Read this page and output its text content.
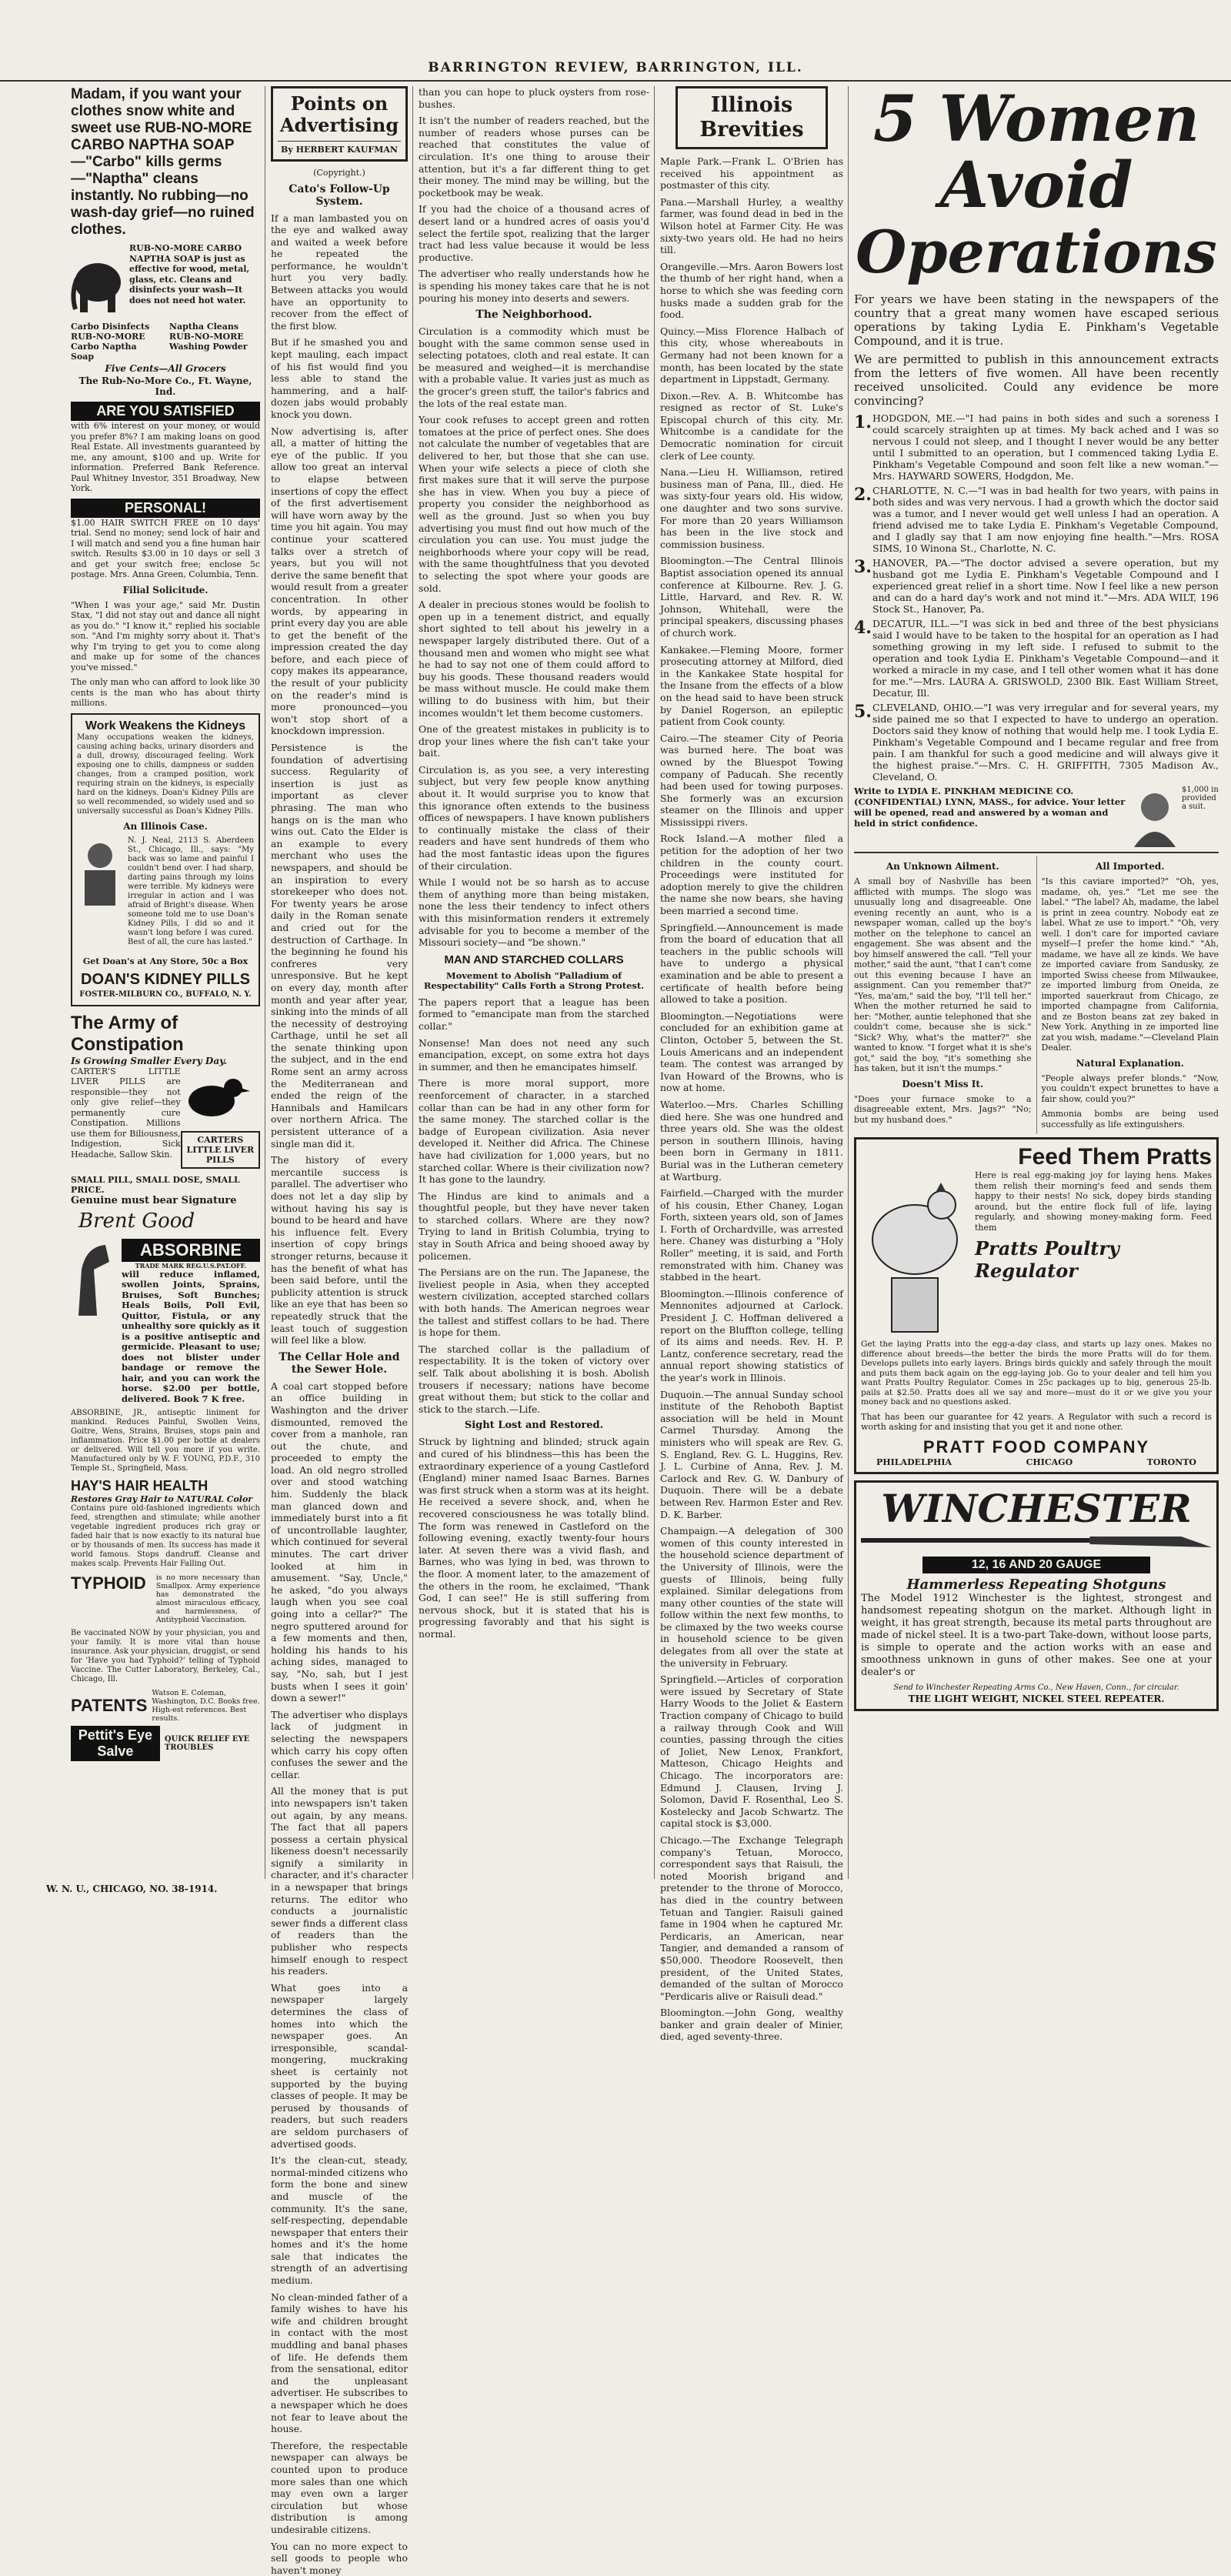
BARRINGTON REVIEW, BARRINGTON, ILL.
Madam, if you want your clothes snow white and sweet use RUB-NO-MORE CARBO NAPTHA SOAP—"Carbo" kills germs—"Naptha" cleans instantly. No rubbing—no wash-day grief—no ruined clothes.
RUB-NO-MORE CARBO NAPTHA SOAP is just as effective for wood, metal, glass, etc. Cleans and disinfects your wash—It does not need hot water.
Carbo Disinfects RUB-NO-MORE Carbo Naptha Soap
Naptha Cleans RUB-NO-MORE Washing Powder
Five Cents—All Grocers
The Rub-No-More Co., Ft. Wayne, Ind.
ARE YOU SATISFIED

with 6% interest on your money, or would you prefer 8%? I am making loans on good Real Estate. All investments guaranteed by me, any amount, $100 and up. Write for information. Preferred Bank Reference. Paul Whitney Investor, 351 Broadway, New York.

PERSONAL!

$1.00 HAIR SWITCH FREE on 10 days' trial. Send no money; send lock of hair and I will match and send you a fine human hair switch. Results $3.00 in 10 days or sell 3 and get your switch free; enclose 5c postage. Mrs. Anna Green, Columbia, Tenn.

Filial Solicitude.

"When I was your age," said Mr. Dustin Stax, "I did not stay out and dance all night as you do." "I know it," replied his sociable son. "And I'm mighty sorry about it. That's why I'm trying to get you to come along and make up for some of the chances you've missed."

The only man who can afford to look like 30 cents is the man who has about thirty millions.

Work Weakens the Kidneys

Many occupations weaken the kidneys, causing aching backs, urinary disorders and a dull, drowsy, discouraged feeling. Work exposing one to chills, dampness or sudden changes, from a cramped position, work requiring strain on the kidneys, is especially hard on the kidneys. Doan's Kidney Pills are so well recommended, so widely used and so universally successful as Doan's Kidney Pills.

An Illinois Case.

N. J. Neal, 2113 S. Aberdeen St., Chicago, Ill., says: "My back was so lame and painful I couldn't bend over. I had sharp, darting pains through my loins were terrible. My kidneys were irregular in action and I was afraid of Bright's disease. When someone told me to use Doan's Kidney Pills, I did so and it wasn't long before I was cured. Best of all, the cure has lasted."

Get Doan's at Any Store, 50c a Box
DOAN'S KIDNEY PILLS
FOSTER-MILBURN CO., BUFFALO, N. Y.
The Army of Constipation
Is Growing Smaller Every Day.

CARTER'S LITTLE LIVER PILLS are responsible—they not only give relief—they permanently cure Constipation. Millions use them for Biliousness, Indigestion, Sick Headache, Sallow Skin.

CARTERS LITTLE LIVER PILLS
SMALL PILL, SMALL DOSE, SMALL PRICE.
Genuine must bear Signature
Brent Good
ABSORBINE
TRADE MARK REG.U.S.PAT.OFF.

will reduce inflamed, swollen Joints, Sprains, Bruises, Soft Bunches; Heals Boils, Poll Evil, Quittor, Fistula, or any unhealthy sore quickly as it is a positive antiseptic and germicide. Pleasant to use; does not blister under bandage or remove the hair, and you can work the horse. $2.00 per bottle, delivered. Book 7 K free.

ABSORBINE, JR., antiseptic liniment for mankind. Reduces Painful, Swollen Veins, Goitre, Wens, Strains, Bruises, stops pain and inflammation. Price $1.00 per bottle at dealers or delivered. Will tell you more if you write. Manufactured only by W. F. YOUNG, P.D.F., 310 Temple St., Springfield, Mass.

HAY'S HAIR HEALTH
Restores Gray Hair to NATURAL Color

Contains pure old-fashioned ingredients which feed, strengthen and stimulate; while another vegetable ingredient produces rich gray or faded hair that is now exactly to its natural hue or by thousands of men. Its success has made it world famous. Stops dandruff. Cleanse and makes scalp. Prevents Hair Falling Out.

TYPHOID	is no more necessary than Smallpox. Army experience has demonstrated the almost miraculous efficacy, and harmlessness, of Antityphoid Vaccination.

Be vaccinated NOW by your physician, you and your family. It is more vital than house insurance. Ask your physician, druggist, or send for 'Have you had Typhoid?' telling of Typhoid Vaccine. The Cutter Laboratory, Berkeley, Cal., Chicago, Ill.

PATENTS
Watson E. Coleman, Washington, D.C. Books free. High-est references. Best results.
Pettit's Eye Salve
QUICK RELIEF EYE TROUBLES
Points on Advertising
By HERBERT KAUFMAN
(Copyright.)
Cato's Follow-Up System.

If a man lambasted you on the eye and walked away and waited a week before he repeated the performance, he wouldn't hurt you very badly. Between attacks you would have an opportunity to recover from the effect of the first blow.

But if he smashed you and kept mauling, each impact of his fist would find you less able to stand the hammering, and a half-dozen jabs would probably knock you down.

Now advertising is, after all, a matter of hitting the eye of the public. If you allow too great an interval to elapse between insertions of copy the effect of the first advertisement will have worn away by the time you hit again. You may continue your scattered talks over a stretch of years, but you will not derive the same benefit that would result from a greater concentration. In other words, by appearing in print every day you are able to get the benefit of the impression created the day before, and each piece of copy makes its appearance, the result of your publicity on the reader's mind is more pronounced—you won't stop short of a knockdown impression.

Persistence is the foundation of advertising success. Regularity of insertion is just as important as clever phrasing. The man who hangs on is the man who wins out. Cato the Elder is an example to every merchant who uses the newspapers, and should be an inspiration to every storekeeper who does not. For twenty years he arose daily in the Roman senate and cried out for the destruction of Carthage. In the beginning he found his confreres very unresponsive. But he kept on every day, month after month and year after year, sinking into the minds of all the necessity of destroying Carthage, until he set all the senate thinking upon the subject, and in the end Rome sent an army across the Mediterranean and ended the reign of the Hannibals and Hamilcars over northern Africa. The persistent utterance of a single man did it.

The history of every mercantile success is parallel. The advertiser who does not let a day slip by without having his say is bound to be heard and have his influence felt. Every insertion of copy brings stronger returns, because it has the benefit of what has been said before, until the publicity attention is struck like an eye that has been so repeatedly struck that the least touch of suggestion will feel like a blow.

The Cellar Hole and the Sewer Hole.

A coal cart stopped before an office building in Washington and the driver dismounted, removed the cover from a manhole, ran out the chute, and proceeded to empty the load. An old negro strolled over and stood watching him. Suddenly the black man glanced down and immediately burst into a fit of uncontrollable laughter, which continued for several minutes. The cart driver looked at him in amusement. "Say, Uncle," he asked, "do you always laugh when you see coal going into a cellar?" The negro sputtered around for a few moments and then, holding his hands to his aching sides, managed to say, "No, sah, but I jest busts when I sees it goin' down a sewer!"

The advertiser who displays lack of judgment in selecting the newspapers which carry his copy often confuses the sewer and the cellar.

All the money that is put into newspapers isn't taken out again, by any means. The fact that all papers possess a certain physical likeness doesn't necessarily signify a similarity in character, and it's character in a newspaper that brings returns. The editor who conducts a journalistic sewer finds a different class of readers than the publisher who respects himself enough to respect his readers.

What goes into a newspaper largely determines the class of homes into which the newspaper goes. An irresponsible, scandal-mongering, muckraking sheet is certainly not supported by the buying classes of people. It may be perused by thousands of readers, but such readers are seldom purchasers of advertised goods.

It's the clean-cut, steady, normal-minded citizens who form the bone and sinew and muscle of the community. It's the sane, self-respecting, dependable newspaper that enters their homes and it's the home sale that indicates the strength of an advertising medium.

No clean-minded father of a family wishes to have his wife and children brought in contact with the most muddling and banal phases of life. He defends them from the sensational, editor and the unpleasant advertiser. He subscribes to a newspaper which he does not fear to leave about the house.

Therefore, the respectable newspaper can always be counted upon to produce more sales than one which may even own a larger circulation but whose distribution is among undesirable citizens.

You can no more expect to sell goods to people who haven't money

than you can hope to pluck oysters from rose-bushes.

It isn't the number of readers reached, but the number of readers whose purses can be reached that constitutes the value of circulation. It's one thing to arouse their attention, but it's a far different thing to get their money. The mind may be willing, but the pocketbook may be weak.

If you had the choice of a thousand acres of desert land or a hundred acres of oasis you'd select the fertile spot, realizing that the larger tract had less value because it would be less productive.

The advertiser who really understands how he is spending his money takes care that he is not pouring his money into deserts and sewers.

The Neighborhood.

Circulation is a commodity which must be bought with the same common sense used in selecting potatoes, cloth and real estate. It can be measured and weighed—it is merchandise with a probable value. It varies just as much as the grocer's green stuff, the tailor's fabrics and the lots of the real estate man.

Your cook refuses to accept green and rotten tomatoes at the price of perfect ones. She does not calculate the number of vegetables that are delivered to her, but those that she can use. When your wife selects a piece of cloth she first makes sure that it will serve the purpose she has in view. When you buy a piece of property you consider the neighborhood as well as the ground. Just so when you buy advertising you must find out how much of the circulation you can use. You must judge the neighborhoods where your copy will be read, with the same thoughtfulness that you devoted to selecting the spot where your goods are sold.

A dealer in precious stones would be foolish to open up in a tenement district, and equally short sighted to tell about his jewelry in a newspaper largely distributed there. Out of a thousand men and women who might see what he had to say not one of them could afford to buy his goods. These thousand readers would be mass without muscle. He could make them willing to do business with him, but their incomes wouldn't let them become customers.

One of the greatest mistakes in publicity is to drop your lines where the fish can't take your bait.

Circulation is, as you see, a very interesting subject, but very few people know anything about it. It would surprise you to know that this ignorance often extends to the business offices of newspapers. I have known publishers to continually mistake the class of their readers and have sent hundreds of them who had the most fantastic ideas upon the figures of their circulation.

While I would not be so harsh as to accuse them of anything more than being mistaken, none the less their tendency to infect others with this misinformation renders it extremely advisable for you to become a member of the Missouri society—and "be shown."

MAN AND STARCHED COLLARS
Movement to Abolish "Palladium of Respectability" Calls Forth a Strong Protest.

The papers report that a league has been formed to "emancipate man from the starched collar."

Nonsense! Man does not need any such emancipation, except, on some extra hot days in summer, and then he emancipates himself.

There is more moral support, more reenforcement of character, in a starched collar than can be had in any other form for the same money. The starched collar is the badge of European civilization. Asia never developed it. Neither did Africa. The Chinese have had civilization for 1,000 years, but no starched collar. Where is their civilization now? It has gone to the laundry.

The Hindus are kind to animals and a thoughtful people, but they have never taken to starched collars. Where are they now? Trying to land in British Columbia, trying to stay in South Africa and being shooed away by policemen.

The Persians are on the run. The Japanese, the liveliest people in Asia, when they accepted western civilization, accepted starched collars with both hands. The American negroes wear the tallest and stiffest collars to be had. There is hope for them.

The starched collar is the palladium of respectability. It is the token of victory over self. Talk about abolishing it is bosh. Abolish trousers if necessary; nations have become great without them; but stick to the collar and stick to the starch.—Life.

Sight Lost and Restored.

Struck by lightning and blinded; struck again and cured of his blindness—this has been the extraordinary experience of a young Castleford (England) miner named Isaac Barnes. Barnes was first struck when a storm was at its height. He received a severe shock, and, when he recovered consciousness he was totally blind. The form was renewed in Castleford on the following evening, exactly twenty-four hours later. At seven there was a vivid flash, and Barnes, who was lying in bed, was thrown to the floor. A moment later, to the amazement of the others in the room, he exclaimed, "Thank God, I can see!" He is still suffering from nervous shock, but it is stated that his is progressing favorably and that his sight is normal.

Illinois Brevities

Maple Park.—Frank L. O'Brien has received his appointment as postmaster of this city.

Pana.—Marshall Hurley, a wealthy farmer, was found dead in bed in the Wilson hotel at Farmer City. He was sixty-two years old. He had no heirs till.

Orangeville.—Mrs. Aaron Bowers lost the thumb of her right hand, when a horse to which she was feeding corn husks made a sudden grab for the food.

Quincy.—Miss Florence Halbach of this city, whose whereabouts in Germany had not been known for a month, has been located by the state department in Lippstadt, Germany.

Dixon.—Rev. A. B. Whitcombe has resigned as rector of St. Luke's Episcopal church of this city. Mr. Whitcombe is a candidate for the Democratic nomination for circuit clerk of Lee county.

Nana.—Lieu H. Williamson, retired business man of Pana, Ill., died. He was sixty-four years old. His widow, one daughter and two sons survive. For more than 20 years Williamson has been in the live stock and commission business.

Bloomington.—The Central Illinois Baptist association opened its annual conference at Kilbourne. Rev. J. G. Little, Harvard, and Rev. R. W. Johnson, Whitehall, were the principal speakers, discussing phases of church work.

Kankakee.—Fleming Moore, former prosecuting attorney at Milford, died in the Kankakee State hospital for the Insane from the effects of a blow on the head said to have been struck by Daniel Rogerson, an epileptic patient from Cook county.

Cairo.—The steamer City of Peoria was burned here. The boat was owned by the Bluespot Towing company of Paducah. She recently had been used for towing purposes. She formerly was an excursion steamer on the Illinois and upper Mississippi rivers.

Rock Island.—A mother filed a petition for the adoption of her two children in the county court. Proceedings were instituted for adoption merely to give the children the name she now bears, she having been married a second time.

Springfield.—Announcement is made from the board of education that all teachers in the public schools will have to undergo a physical examination and be able to present a certificate of health before being allowed to take a position.

Bloomington.—Negotiations were concluded for an exhibition game at Clinton, October 5, between the St. Louis Americans and an independent team. The contest was arranged by Ivan Howard of the Browns, who is now at home.

Waterloo.—Mrs. Charles Schilling died here. She was one hundred and three years old. She was the oldest person in southern Illinois, having been born in Germany in 1811. Burial was in the Lutheran cemetery at Wartburg.

Fairfield.—Charged with the murder of his cousin, Ether Chaney, Logan Forth, sixteen years old, son of James I. Forth of Orchardville, was arrested here. Chaney was disturbing a "Holy Roller" meeting, it is said, and Forth remonstrated with him. Chaney was stabbed in the heart.

Bloomington.—Illinois conference of Mennonites adjourned at Carlock. President J. C. Hoffman delivered a report on the Bluffton college, telling of its aims and needs. Rev. H. P. Lantz, conference secretary, read the annual report showing statistics of the year's work in Illinois.

Duquoin.—The annual Sunday school institute of the Rehoboth Baptist association will be held in Mount Carmel Thursday. Among the ministers who will speak are Rev. G. S. England, Rev. G. L. Huggins, Rev. J. L. Curbine of Anna, Rev. J. M. Carlock and Rev. G. W. Danbury of Duquoin. There will be a debate between Rev. Harmon Ester and Rev. D. K. Barber.

Champaign.—A delegation of 300 women of this county interested in the household science department of the University of Illinois, were the guests of Illinois, being fully explained. Similar delegations from many other counties of the state will follow within the next few months, to be climaxed by the two weeks course in household science to be given delegates from all over the state at the university in February.

Springfield.—Articles of corporation were issued by Secretary of State Harry Woods to the Joliet & Eastern Traction company of Chicago to build a railway through Cook and Will counties, passing through the cities of Joliet, New Lenox, Frankfort, Matteson, Chicago Heights and Chicago. The incorporators are: Edmund J. Clausen, Irving J. Solomon, David F. Rosenthal, Leo S. Kostelecky and Jacob Schwartz. The capital stock is $3,000.

Chicago.—The Exchange Telegraph company's Tetuan, Morocco, correspondent says that Raisuli, the noted Moorish brigand and pretender to the throne of Morocco, has died in the country between Tetuan and Tangier. Raisuli gained fame in 1904 when he captured Mr. Perdicaris, an American, near Tangier, and demanded a ransom of $50,000. Theodore Roosevelt, then president, of the United States, demanded of the sultan of Morocco "Perdicaris alive or Raisuli dead."

Bloomington.—John Gong, wealthy banker and grain dealer of Minier, died, aged seventy-three.

5 Women
Avoid
Operations

For years we have been stating in the newspapers of the country that a great many women have escaped serious operations by taking Lydia E. Pinkham's Vegetable Compound, and it is true.

We are permitted to publish in this announcement extracts from the letters of five women. All have been recently received unsolicited. Could any evidence be more convincing?

1. HODGDON, ME.—"I had pains in both sides and such a soreness I could scarcely straighten up at times. My back ached and I was so nervous I could not sleep, and I thought I never would be any better until I submitted to an operation, but I commenced taking Lydia E. Pinkham's Vegetable Compound and soon felt like a new woman."—Mrs. HAYWARD SOWERS, Hodgdon, Me.
2. CHARLOTTE, N. C.—"I was in bad health for two years, with pains in both sides and was very nervous. I had a growth which the doctor said was a tumor, and I never would get well unless I had an operation. A friend advised me to take Lydia E. Pinkham's Vegetable Compound, and I gladly say that I am now enjoying fine health."—Mrs. ROSA SIMS, 10 Winona St., Charlotte, N. C.
3. HANOVER, PA.—"The doctor advised a severe operation, but my husband got me Lydia E. Pinkham's Vegetable Compound and I experienced great relief in a short time. Now I feel like a new person and can do a hard day's work and not mind it."—Mrs. ADA WILT, 196 Stock St., Hanover, Pa.
4. DECATUR, ILL.—"I was sick in bed and three of the best physicians said I would have to be taken to the hospital for an operation as I had something growing in my left side. I refused to submit to the operation and took Lydia E. Pinkham's Vegetable Compound—and it worked a miracle in my case, and I tell other women what it has done for me."—Mrs. LAURA A. GRISWOLD, 2300 Blk. East William Street, Decatur, Ill.
5. CLEVELAND, OHIO.—"I was very irregular and for several years, my side pained me so that I expected to have to undergo an operation. Doctors said they know of nothing that would help me. I took Lydia E. Pinkham's Vegetable Compound and I became regular and free from pain. I am thankful for such a good medicine and will always give it the highest praise."—Mrs. C. H. GRIFFITH, 7305 Madison Av., Cleveland, O.
Write to LYDIA E. PINKHAM MEDICINE CO. (CONFIDENTIAL) LYNN, MASS., for advice. Your letter will be opened, read and answered by a woman and held in strict confidence.
$1,000 in provided a suit.
An Unknown Ailment.

A small boy of Nashville has been afflicted with mumps. The slogo was unusually long and disagreeable. One evening recently an aunt, who is a newspaper woman, called up the boy's mother on the telephone to cancel an engagement. She was absent and the boy himself answered the call. "Tell your mother," said the aunt, "that I can't come out this evening because I have an assignment. Can you remember that?" "Yes, ma'am," said the boy, "I'll tell her." When the mother returned he said to her: "Mother, auntie telephoned that she couldn't come, because she is sick." "Sick? Why, what's the matter?" she wanted to know. "I forget what it is she's got," said the boy, "it's something she has taken, but it isn't the mumps."

Doesn't Miss It.

"Does your furnace smoke to a disagreeable extent, Mrs. Jags?" "No; but my husband does."

All Imported.

"Is this caviare imported?" "Oh, yes, madame, oh, yes." "Let me see the label." "The label? Ah, madame, the label is print in zeea country. Nobody eat ze label. What ze use to import." "Oh, very well. I don't care for imported caviare myself—I prefer the home kind." "Ah, madame, we have all ze kinds. We have ze imported caviare from Sandusky, ze imported Swiss cheese from Milwaukee, ze imported limburg from Oneida, ze imported sauerkraut from Chicago, ze imported champagne from California, and ze Boston beans zat zey baked in New York. Anything in ze imported line zat you wish, madame."—Cleveland Plain Dealer.

Natural Explanation.

"People always prefer blonds." "Now, you couldn't expect brunettes to have a fair show, could you?"

Ammonia bombs are being used successfully as life extinguishers.

Feed Them Pratts

Here is real egg-making joy for laying hens. Makes them relish their morning's feed and sends them happy to their nests! No sick, dopey birds standing around, but the entire flock full of life, laying regularly, and showing money-making form. Feed them

Pratts Poultry Regulator

Get the laying Pratts into the egg-a-day class, and starts up lazy ones. Makes no difference about breeds—the better the birds the more Pratts will do for them. Develops pullets into early layers. Brings birds quickly and safely through the moult and puts them back again on the egg-laying job. Go to your dealer and tell him you want Pratts Poultry Regulator. Comes in 25c packages up to big, generous 25-lb. pails at $2.50. Pratts does all we say and more—must do it or we give you your money back and no questions asked.

That has been our guarantee for 42 years. A Regulator with such a record is worth asking for and insisting that you get it and none other.

PRATT FOOD COMPANY
PHILADELPHIA	CHICAGO	TORONTO
WINCHESTER
12, 16 AND 20 GAUGE
Hammerless Repeating Shotguns

The Model 1912 Winchester is the lightest, strongest and handsomest repeating shotgun on the market. Although light in weight, it has great strength, because its metal parts throughout are made of nickel steel. It is a two-part Take-down, without loose parts, is simple to operate and the action works with an ease and smoothness unknown in guns of other makes. See one at your dealer's or

Send to Winchester Repeating Arms Co., New Haven, Conn., for circular.
THE LIGHT WEIGHT, NICKEL STEEL REPEATER.
W. N. U., CHICAGO, NO. 38-1914.
